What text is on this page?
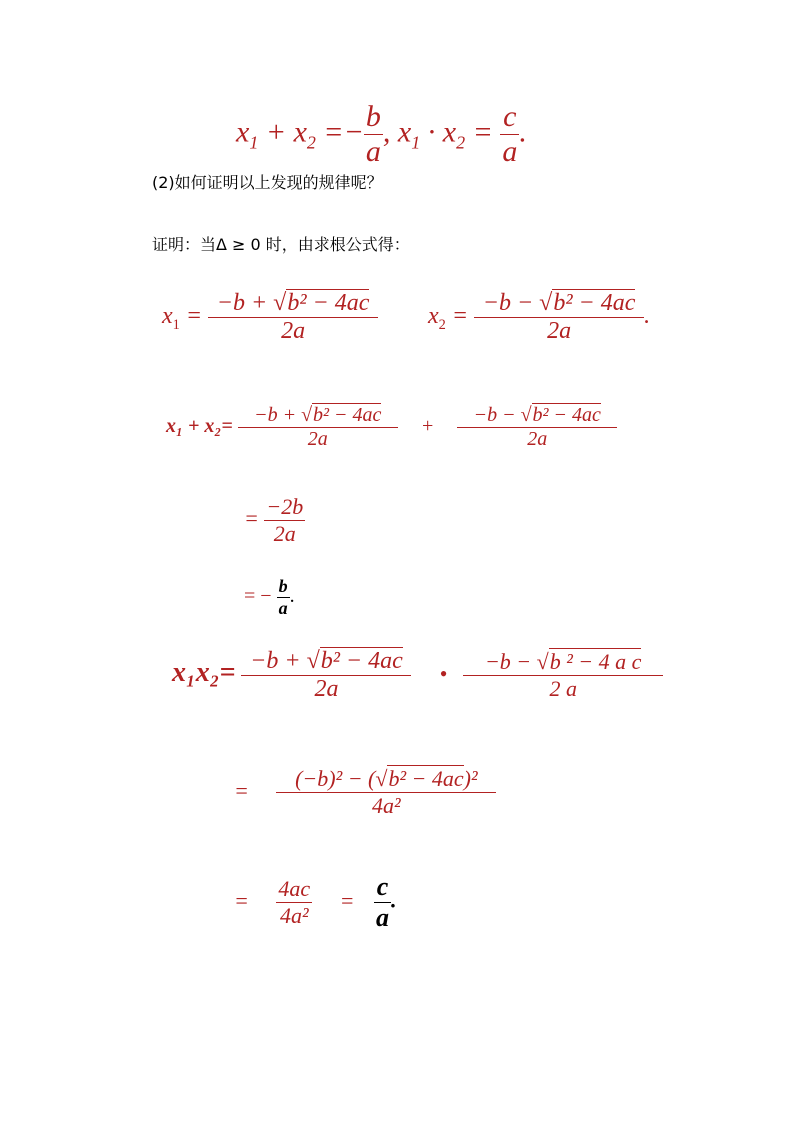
$x_1 + x_2 =- \frac{b}{a}$ , $x_1 \cdot x_2 = \frac{c}{a}$ .
(2)如何证明以上发现的规律呢？
证明：当Δ ≥ 0 时，由求根公式得：
$x_1 = \frac{\text{−b + √b² − 4ac}}{2a} x_2 = \frac{\text{−b − √b² − 4ac}}{2a}$ .
$x_1 + x_2= \frac{\text{−b + √b² − 4ac}}{2a} + \frac{\text{−b − √b² − 4ac}}{2a}$
= $\frac{-2b}{2a}$
= − $\frac{b}{a}$ .
$x_1x_2= \frac{\text{−b + √b² − 4ac}}{2a}$ • $\frac{\text{−b − √b ² − 4 a c}}{2 a}$
= $\frac{\text{(−b)² − (√b² − 4ac)²}}{\text{4a²}}$
= $\frac{4ac}{\text{4a²}} = \frac{c}{a}$ .
